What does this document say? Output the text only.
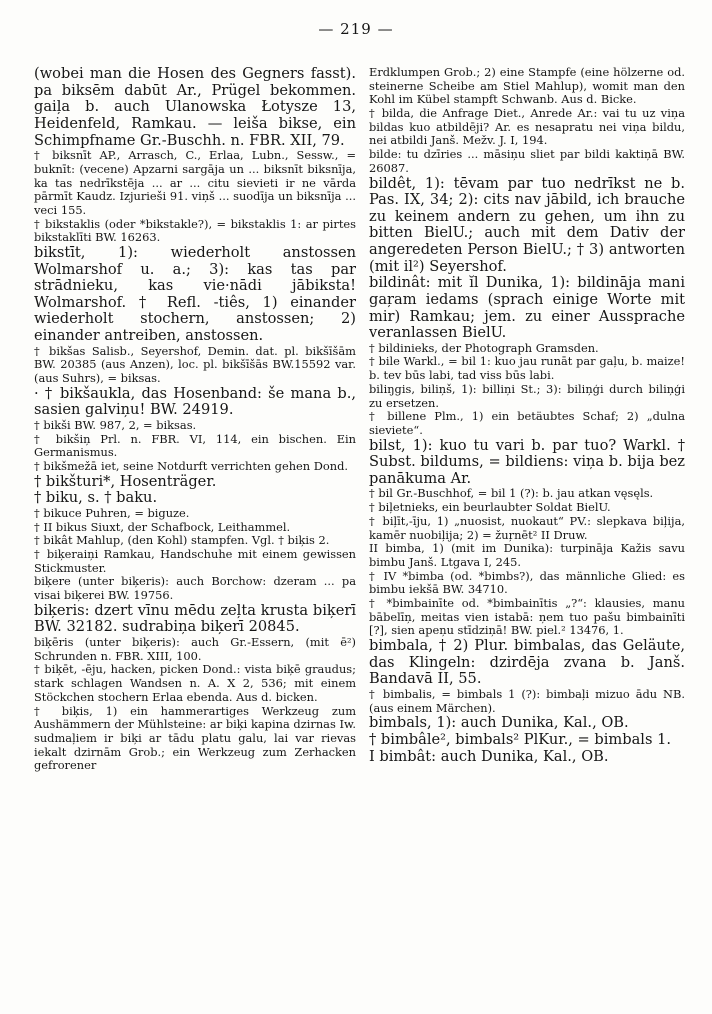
— 219 —

(wobei man die Hosen des Gegners fasst). pa biksēm dabūt Ar., Prügel bekommen. gaiļa b. auch Ulanowska Łotysze 13, Heidenfeld, Ramkau. — leiša bikse, ein Schimpfname Gr.-Buschh. n. FBR. XII, 79.

† biksnīt AP., Arrasch, C., Erlaa, Lubn., Sessw., = buknīt: (vecene) Apzarni sargāja un ... biksnīt biksnīja, ka tas nedrīkstēja ... ar ... citu sievieti ir ne vārda pārmīt Kaudz. Izjurieši 91. viņš ... suodīja un biksnīja ... veci 155.

† bikstaklis (oder *bikstakle?), = bikstaklis 1: ar pirtes bikstaklīti BW. 16263.

bikstīt, 1): wiederholt anstossen Wolmarshof u. a.; 3): kas tas par strādnieku, kas vie·nādi jābiksta! Wolmarshof. † Refl. -tiês, 1) einander wiederholt stochern, anstossen; 2) einander antreiben, anstossen.

† bikšas Salisb., Seyershof, Demin. dat. pl. bikšīšām BW. 20385 (aus Anzen), loc. pl. bikšīšās BW.15592 var. (aus Suhrs), = biksas.

· † bikšaukla, das Hosenband: še mana b., sasien galviņu! BW. 24919.

† bikši BW. 987, 2, = biksas.

† bikšiņ Prl. n. FBR. VI, 114, ein bischen. Ein Germanismus.

† bikšmežā iet, seine Notdurft verrichten gehen Dond.

† bikšturi*, Hosenträger.

† biku, s. † baku.

† bikuce Puhren, = biguze.

† II bikus Siuxt, der Schafbock, Leithammel.

† bikât Mahlup, (den Kohl) stampfen. Vgl. † biķis 2.

† biķeraiņi Ramkau, Handschuhe mit einem gewissen Stickmuster.

biķere (unter biķeris): auch Borchow: dzeram ... pa visai biķerei BW. 19756.

biķeris: dzert vīnu mēdu zeļta krusta biķerī BW. 32182. sudrabiņa biķerī 20845.

biķēris (unter biķeris): auch Gr.-Essern, (mit ē²) Schrunden n. FBR. XIII, 100.

† biķēt, -ēju, hacken, picken Dond.: vista biķē graudus; stark schlagen Wandsen n. A. X 2, 536; mit einem Stöckchen stochern Erlaa ebenda. Aus d. bicken.

† biķis, 1) ein hammerartiges Werkzeug zum Aushämmern der Mühlsteine: ar biķi kapina dzirnas Iw. sudmaļiem ir biķi ar tādu platu galu, lai var rievas iekalt dzirnām Grob.; ein Werkzeug zum Zerhacken gefrorener

Erdklumpen Grob.; 2) eine Stampfe (eine hölzerne od. steinerne Scheibe am Stiel Mahlup), womit man den Kohl im Kübel stampft Schwanb. Aus d. Bicke.

† bilda, die Anfrage Diet., Anrede Ar.: vai tu uz viņa bildas kuo atbildēji? Ar. es nesapratu nei viņa bildu, nei atbildi Janš. Mežv. J. I, 194.

bildе: tu dzīries ... māsiņu sliet par bildi kaktiņā BW. 26087.

bildêt, 1): tēvam par tuo nedrīkst ne b. Pas. IX, 34; 2): cits nav jābild, ich brauche zu keinem andern zu gehen, um ihn zu bitten BielU.; auch mit dem Dativ der angeredeten Person BielU.; † 3) antworten (mit il²) Seyershof.

bildinât: mit ĭl Dunika, 1): bildināja mani gaŗam iedams (sprach einige Worte mit mir) Ramkau; jem. zu einer Aussprache veranlassen BielU.

† bildinieks, der Photograph Gramsden.

† bile Warkl., = bil 1: kuo jau runāt par gaļu, b. maize! b. tev būs labi, tad viss būs labi.

biliŋgis, biliņš, 1): billiņi St.; 3): biliņģi durch biliņģi zu ersetzen.

† billene Plm., 1) ein betäubtes Schaf; 2) „dulna sieviete“.

bilst, 1): kuo tu vari b. par tuo? Warkl. † Subst. bildums, = bildiens: viņa b. bija bez panākuma Ar.

† bil Gr.-Buschhof, = bil 1 (?): b. jau atkan vęsęls.

† biļetnieks, ein beurlaubter Soldat BielU.

† biļīt,-īju, 1) „nuosist, nuokaut“ PV.: slepkava biļija, kamēr nuobiļija; 2) = žuŗnēt² II Druw.

II bimba, 1) (mit im Dunika): turpināja Kažis savu bimbu Janš. Ltgava I, 245.

† IV *bimba (od. *bimbs?), das männliche Glied: es bimbu iekšā BW. 34710.

† *bimbainīte od. *bimbainītis „?“: klausies, manu bābelīņ, meitas vien istabā: ņem tuo pašu bimbainīti [?], sien apeņu stīdziņā! BW. piel.² 13476, 1.

bimbala, † 2) Plur. bimbalas, das Geläute, das Klingeln: dzirdēja zvana b. Janš. Bandavā II, 55.

† bimbalis, = bimbals 1 (?): bimbaļi mizuo ādu NB. (aus einem Märchen).

bimbals, 1): auch Dunika, Kal., OB.

† bimbâle², bimbals² PlKur., = bimbals 1.

I bimbât: auch Dunika, Kal., OB.
